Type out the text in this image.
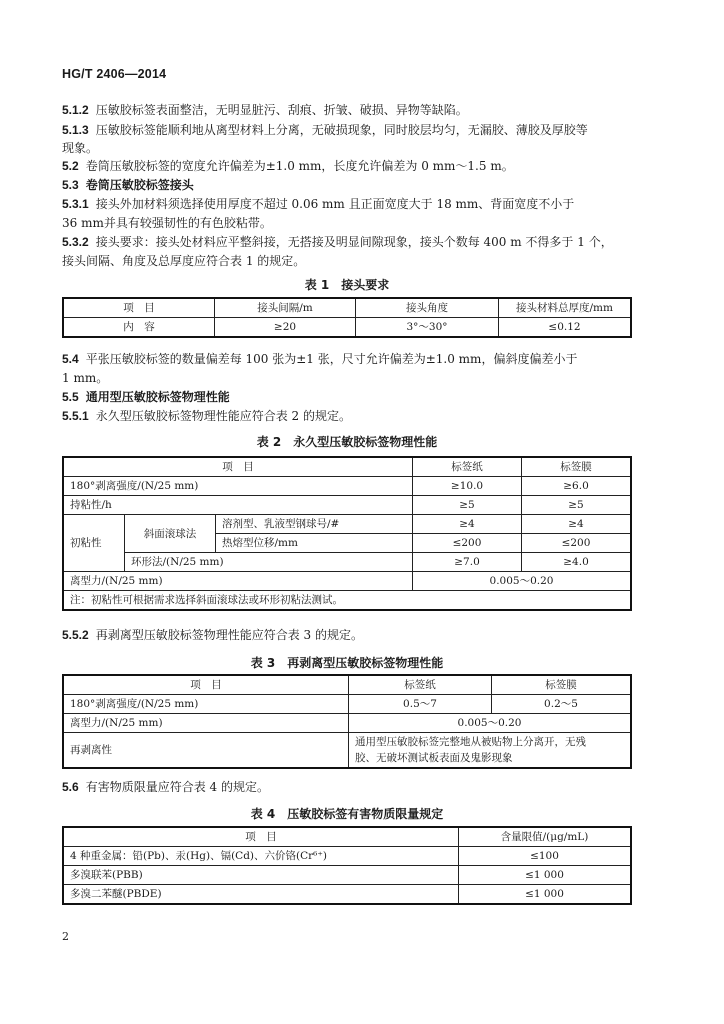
HG/T 2406—2014
5.1.2 压敏胶标签表面整洁，无明显脏污、刮痕、折皱、破损、异物等缺陷。
5.1.3 压敏胶标签能顺利地从离型材料上分离，无破损现象，同时胶层均匀，无漏胶、薄胶及厚胶等
现象。
5.2 卷筒压敏胶标签的宽度允许偏差为±1.0 mm，长度允许偏差为 0 mm～1.5 m。
5.3 卷筒压敏胶标签接头
5.3.1 接头外加材料须选择使用厚度不超过 0.06 mm 且正面宽度大于 18 mm、背面宽度不小于
36 mm并具有较强韧性的有色胶粘带。
5.3.2 接头要求：接头处材料应平整斜接，无搭接及明显间隙现象，接头个数每 400 m 不得多于 1 个，
接头间隔、角度及总厚度应符合表 1 的规定。
表 1　接头要求
项　目	接头间隔/m	接头角度	接头材料总厚度/mm
内　容	≥20	3°～30°	≤0.12
5.4 平张压敏胶标签的数量偏差每 100 张为±1 张，尺寸允许偏差为±1.0 mm，偏斜度偏差小于
1 mm。
5.5 通用型压敏胶标签物理性能
5.5.1 永久型压敏胶标签物理性能应符合表 2 的规定。
表 2　永久型压敏胶标签物理性能
项　目			标签纸	标签膜
180°剥离强度/(N/25 mm)			≥10.0	≥6.0
持粘性/h			≥5	≥5
初粘性	斜面滚球法	溶剂型、乳液型钢球号/#	≥4	≥4
		热熔型位移/mm	≤200	≤200
	环形法/(N/25 mm)		≥7.0	≥4.0
离型力/(N/25 mm)			0.005～0.20	
注：初粘性可根据需求选择斜面滚球法或环形初粘法测试。				
5.5.2 再剥离型压敏胶标签物理性能应符合表 3 的规定。
表 3　再剥离型压敏胶标签物理性能
项　目	标签纸	标签膜
180°剥离强度/(N/25 mm)	0.5～7	0.2～5
离型力/(N/25 mm)	0.005～0.20	
再剥离性	通用型压敏胶标签完整地从被贴物上分离开，无残
胶、无破坏测试板表面及鬼影现象	
5.6 有害物质限量应符合表 4 的规定。
表 4　压敏胶标签有害物质限量规定
项　目	含量限值/(μg/mL)
4 种重金属：铅(Pb)、汞(Hg)、镉(Cd)、六价铬(Cr⁶⁺)	≤100
多溴联苯(PBB)	≤1 000
多溴二苯醚(PBDE)	≤1 000
2
